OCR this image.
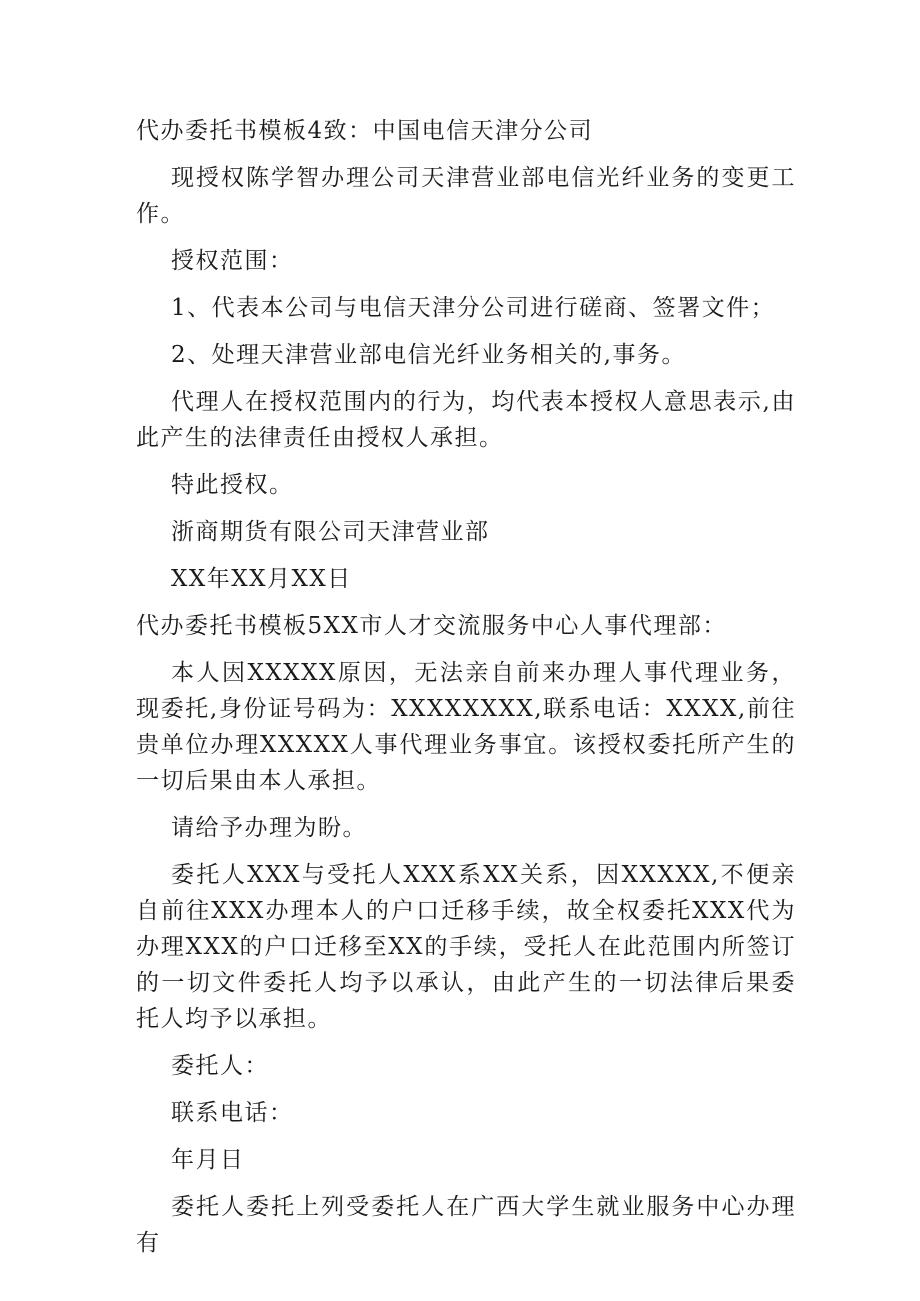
代办委托书模板4致：中国电信天津分公司

现授权陈学智办理公司天津营业部电信光纤业务的变更工作。

授权范围：

1、代表本公司与电信天津分公司进行磋商、签署文件；

2、处理天津营业部电信光纤业务相关的,事务。

代理人在授权范围内的行为，均代表本授权人意思表示,由此产生的法律责任由授权人承担。

特此授权。

浙商期货有限公司天津营业部

XX年XX月XX日

代办委托书模板5XX市人才交流服务中心人事代理部：

本人因XXXXX原因，无法亲自前来办理人事代理业务，现委托,身份证号码为：XXXXXXXX,联系电话：XXXX,前往贵单位办理XXXXX人事代理业务事宜。该授权委托所产生的一切后果由本人承担。

请给予办理为盼。

委托人XXX与受托人XXX系XX关系，因XXXXX,不便亲自前往XXX办理本人的户口迁移手续，故全权委托XXX代为办理XXX的户口迁移至XX的手续，受托人在此范围内所签订的一切文件委托人均予以承认，由此产生的一切法律后果委托人均予以承担。

委托人：

联系电话：

年月日

委托人委托上列受委托人在广西大学生就业服务中心办理有
